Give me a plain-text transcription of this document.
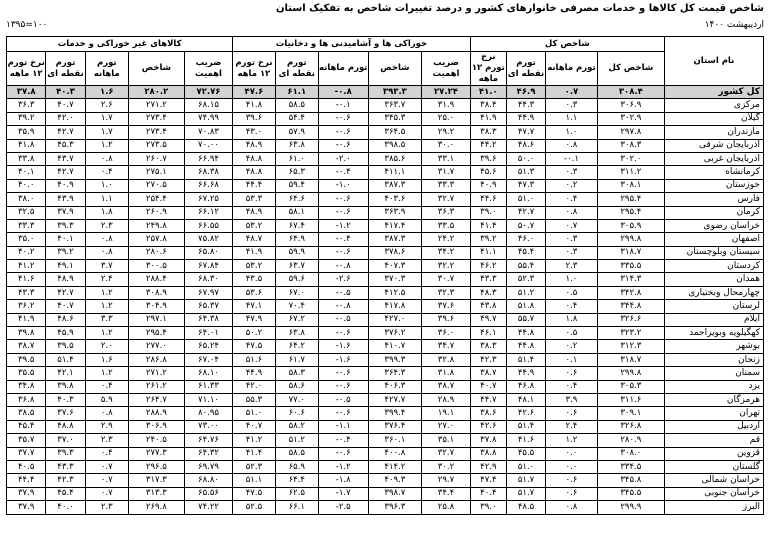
شاخص قیمت کل کالاها و خدمات مصرفی خانوارهای کشور و درصد تغییرات شاخص به تفکیک استان
۱۳۹۵=۱۰۰	اردیبهشت ۱۴۰۰
نام استان	شاخص کل				خوراکی ها و آشامیدنی ها و دخانیات					کالاهای غیر خوراکی و خدمات				
	شاخص کل	تورم ماهانه	تورم نقطه ای	نرخ تورم ۱۲ ماهه	ضریب اهمیت	شاخص	تورم ماهانه	تورم نقطه ای	نرخ تورم ۱۲ ماهه	ضریب اهمیت	شاخص	تورم ماهانه	تورم نقطه ای	نرخ تورم ۱۲ ماهه
کل کشور	۳۰۸.۴	۰.۷	۴۶.۹	۴۱.۰	۲۷.۲۴	۳۹۳.۳	۰.۸-	۶۱.۱	۴۷.۶	۷۲.۷۶	۲۸۰.۲	۱.۶	۴۰.۳	۳۷.۸
مرکزی	۳۰۶.۹	۰.۳	۴۴.۳	۳۸.۴	۳۱.۹	۳۶۳.۷	۰.۱-	۵۸.۵	۴۱.۸	۶۸.۱۵	۲۷۱.۲	۲.۶	۴۰.۷	۳۶.۳
گیلان	۳۰۲.۹	۱.۱	۴۴.۹	۴۱.۹	۲۵.۰	۳۴۵.۳	۰.۶-	۵۴.۴	۳۹.۶	۷۴.۹۹	۲۷۳.۴	۱.۷	۴۲.۰	۳۹.۲
مازندران	۲۹۷.۸	۱.۰	۴۷.۷	۳۸.۳	۲۹.۲	۳۶۴.۵	۰.۶-	۵۷.۹	۴۳.۰	۷۰.۸۳	۲۷۳.۴	۱.۷	۴۲.۷	۳۵.۹
اذربایجان شرقی	۳۰۸.۳	۰.۸	۴۸.۶	۴۴.۲	۳۰.۰	۳۹۸.۵	۰.۶-	۶۳.۸	۴۸.۹	۷۰.۰۰	۲۷۳.۵	۱.۲	۴۵.۳	۴۱.۸
اذربایجان غربی	۳۰۲.۰	۰.۱-	۵۰.۰	۳۹.۶	۳۳.۱	۳۸۵.۶	۲.۰-	۶۱.۰	۴۸.۸	۶۶.۹۴	۲۶۰.۷	۰.۸	۴۳.۷	۳۳.۸
کرمانشاه	۳۱۱.۲	۰.۳	۵۱.۳	۴۵.۶	۳۱.۷	۴۱۱.۱	۰.۴-	۶۵.۳	۴۸.۸	۶۸.۳۸	۲۷۵.۱	۰.۴	۴۲.۷	۴۰.۱
خوزستان	۳۰۸.۱	۰.۲	۴۷.۳	۴۰.۹	۳۳.۳	۳۸۷.۳	۱.۰-	۵۹.۴	۴۴.۴	۶۶.۶۸	۲۷۰.۵	۱.۰	۴۰.۹	۴۰.۰
فارس	۲۹۵.۴	۰.۴	۵۱.۰	۴۴.۶	۳۲.۷	۴۰۳.۶	۰.۶-	۶۴.۶	۵۳.۳	۶۷.۲۵	۲۵۴.۴	۱.۱	۴۳.۹	۳۸.۰
کرمان	۲۹۵.۴	۰.۸	۴۲.۷	۳۹.۰	۳۶.۳	۳۶۳.۹	۰.۶-	۵۸.۱	۴۸.۹	۶۶.۱۲	۲۶۰.۹	۱.۸	۳۷.۹	۳۲.۵
خراسان رضوی	۳۰۵.۹	۰.۷	۵۰.۷	۴۱.۴	۳۳.۵	۴۱۷.۴	۱.۲-	۶۷.۴	۵۳.۲	۶۶.۵۵	۲۴۹.۸	۲.۳	۳۹.۳	۳۳.۳
اصفهان	۲۹۹.۸	۰.۳	۴۶.۰	۳۹.۲	۲۴.۲	۳۸۷.۳	۰.۴-	۶۴.۹	۴۸.۷	۷۵.۸۲	۲۵۷.۸	۰.۸	۴۰.۱	۳۵.۰
سیستان وبلوچستان	۳۱۸.۷	۰.۳	۴۵.۴	۴۱.۱	۳۴.۲	۳۷۸.۶	۰.۶-	۵۹.۹	۴۱.۹	۶۵.۸۰	۲۸۰.۶	۰.۸	۳۹.۲	۴۰.۲
کردستان	۳۳۵.۵	۲.۳	۵۵.۴	۴۶.۲	۳۲.۲	۴۰۷.۳	۰.۸-	۶۳.۷	۵۳.۲	۶۷.۸۴	۳۰۰.۵	۳.۷	۴۹.۱	۴۱.۲
همدان	۳۱۴.۳	۱.۰	۵۲.۳	۴۳.۳	۳۰.۷	۳۷۰.۳	۲.۶-	۵۹.۶	۴۳.۵	۶۸.۳۰	۲۸۸.۴	۲.۴	۴۸.۹	۴۱.۶
چهارمحال وبختیاری	۳۴۲.۸	۰.۵	۵۱.۲	۴۸.۳	۳۲.۳	۴۱۲.۵	۰.۵-	۶۷.۰	۵۳.۶	۶۷.۹۷	۳۰۸.۹	۱.۲	۴۲.۷	۴۳.۳
لرستان	۳۴۴.۸	۰.۴	۵۱.۸	۴۳.۸	۳۷.۶	۴۱۷.۸	۰.۸-	۷۰.۴	۴۷.۱	۶۵.۳۷	۳۰۴.۹	۱.۲	۴۰.۷	۳۶.۲
ایلام	۳۲۶.۶	۱.۸	۵۵.۷	۴۹.۷	۳۹.۶	۴۲۷.۰	۰.۵-	۶۷.۲	۴۷.۹	۶۴.۳۸	۲۹۷.۱	۳.۳	۴۸.۶	۴۱.۹
کهگیلویه وبویراحمد	۳۲۳.۲	۰.۵	۴۴.۸	۴۶.۱	۳۶.۰	۳۷۶.۲	۰.۶-	۶۳.۸	۵۰.۲	۶۴.۰۱	۲۹۵.۴	۱.۲	۴۵.۹	۳۹.۸
بوشهر	۳۱۲.۳	۰.۲	۴۴.۸	۳۸.۳	۳۴.۷	۴۱۰.۷	۱.۶-	۶۴.۲	۴۷.۵	۶۵.۲۴	۲۷۷.۰	۲.۰	۳۹.۵	۳۸.۷
زنجان	۳۱۸.۷	۰.۱	۵۱.۴	۴۲.۳	۳۲.۸	۳۹۹.۳	۱.۶-	۶۱.۷	۵۱.۶	۶۷.۰۴	۲۸۶.۸	۱.۶	۵۱.۴	۳۹.۵
سمنان	۲۹۹.۸	۰.۶	۴۴.۹	۳۸.۷	۳۱.۸	۳۶۴.۳	۰.۶-	۵۸.۳	۴۴.۹	۶۸.۱۰	۲۷۱.۲	۱.۲	۴۲.۱	۳۵.۵
یزد	۳۰۵.۳	۰.۴	۴۶.۸	۴۰.۷	۳۸.۷	۴۰۶.۳	۰.۶-	۵۸.۶	۴۲.۰	۶۱.۳۳	۲۶۱.۲	۰.۴	۳۹.۸	۳۴.۸
هرمزگان	۳۱۱.۶	۳.۹	۴۸.۱	۴۴.۷	۲۸.۹	۴۲۷.۷	۰.۵-	۷۷.۰	۵۵.۳	۷۱.۱۰	۲۶۴.۷	۵.۹	۴۰.۳	۳۶.۸
تهران	۳۰۹.۱	۰.۶	۴۲.۶	۳۸.۶	۱۹.۱	۳۹۹.۴	۰.۶-	۶۰.۶	۵۱.۰	۸۰.۹۵	۲۸۸.۹	۰.۸	۳۷.۶	۳۸.۵
اردبیل	۳۲۶.۸	۲.۴	۵۱.۴	۴۲.۶	۲۷.۰	۳۷۶.۴	۱.۱-	۵۸.۲	۴۰.۷	۷۳.۰۰	۳۰۶.۹	۲.۹	۴۸.۸	۴۵.۴
قم	۲۸۰.۹	۱.۲	۴۱.۶	۳۷.۸	۳۵.۱	۳۶۰.۱	۰.۴-	۵۱.۲	۴۱.۲	۶۴.۷۶	۲۴۰.۵	۲.۳	۳۷.۰	۳۵.۷
قزوین	۳۰۸.۰	۰.۰	۴۵.۵	۳۸.۸	۳۲.۷	۴۰۰.۸	۰.۶-	۵۸.۵	۴۱.۴	۶۴.۳۲	۲۷۷.۳	۰.۴	۳۹.۳	۳۷.۷
گلستان	۳۳۴.۵	۰.۰	۵۱.۰	۴۲.۹	۳۰.۲	۴۱۴.۲	۱.۲-	۶۵.۹	۵۲.۳	۶۹.۷۹	۲۹۶.۵	۰.۷	۴۳.۳	۴۰.۵
خراسان شمالی	۳۴۵.۸	۰.۶	۵۱.۷	۴۷.۴	۲۹.۷	۴۰۹.۳	۱.۸-	۶۴.۴	۵۱.۱	۶۸.۸۰	۳۱۷.۳	۰.۷	۴۲.۳	۴۴.۴
خراسان جنوبی	۳۴۵.۵	۰.۶	۵۱.۷	۴۰.۴	۳۴.۴	۳۹۸.۷	۱.۷-	۶۲.۵	۴۷.۵	۶۵.۵۶	۳۱۳.۳	۰.۷	۴۵.۴	۳۷.۹
البرز	۲۹۹.۹	۰.۸	۴۸.۵	۳۹.۰	۲۵.۸	۳۹۶.۳	۲.۵-	۶۶.۱	۵۲.۵	۷۴.۲۲	۲۶۹.۸	۲.۳	۴۰.۰	۳۷.۹
